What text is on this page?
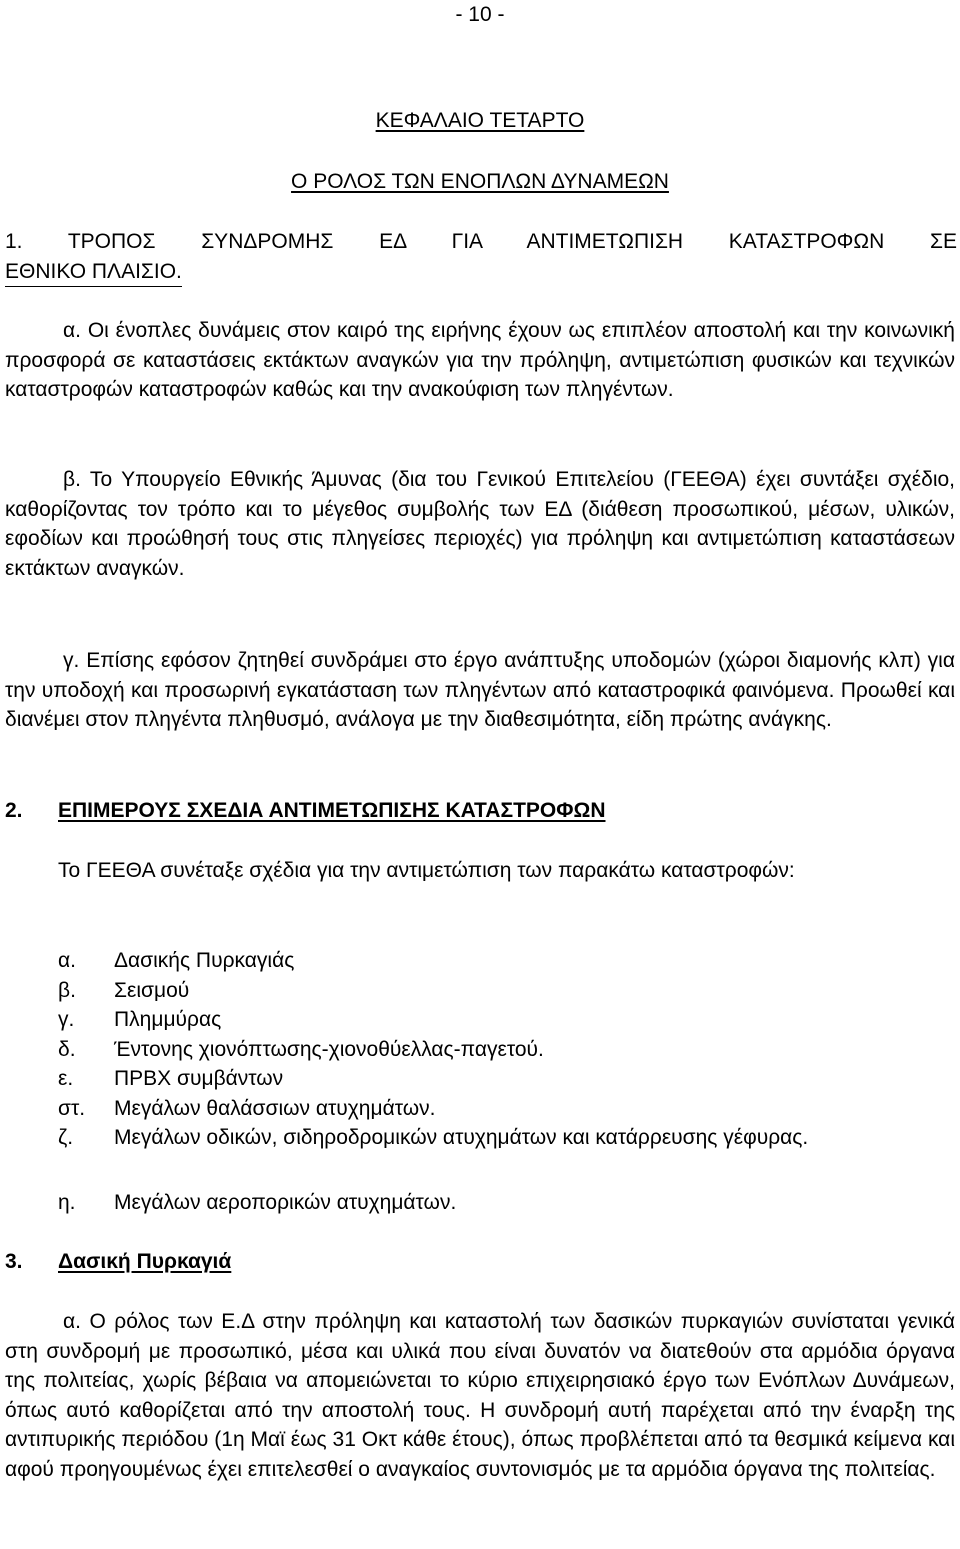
- 10 -
ΚΕΦΑΛΑΙΟ ΤΕΤΑΡΤΟ
Ο ΡΟΛΟΣ ΤΩΝ ΕΝΟΠΛΩΝ ΔΥΝΑΜΕΩΝ
1.  ΤΡΟΠΟΣ  ΣΥΝΔΡΟΜΗΣ  ΕΔ  ΓΙΑ  ΑΝΤΙΜΕΤΩΠΙΣΗ  ΚΑΤΑΣΤΡΟΦΩΝ  ΣΕ
ΕΘΝΙΚΟ ΠΛΑΙΣΙΟ.
α. Οι ένοπλες δυνάμεις στον καιρό της ειρήνης έχουν ως επιπλέον αποστολή και την κοινωνική προσφορά σε καταστάσεις εκτάκτων αναγκών για την πρόληψη, αντιμετώπιση φυσικών και τεχνικών καταστροφών καταστροφών καθώς και την ανακούφιση των πληγέντων.
β. Το Υπουργείο Εθνικής Άμυνας (δια του Γενικού Επιτελείου (ΓΕΕΘΑ) έχει συντάξει σχέδιο, καθορίζοντας τον τρόπο και το μέγεθος συμβολής των ΕΔ (διάθεση προσωπικού, μέσων, υλικών, εφοδίων και προώθησή τους στις πληγείσες περιοχές) για πρόληψη και αντιμετώπιση καταστάσεων εκτάκτων αναγκών.
γ. Επίσης εφόσον ζητηθεί συνδράμει στο έργο ανάπτυξης υποδομών (χώροι διαμονής κλπ) για την υποδοχή και προσωρινή εγκατάσταση των πληγέντων από καταστροφικά φαινόμενα. Προωθεί και διανέμει στον πληγέντα πληθυσμό, ανάλογα με την διαθεσιμότητα, είδη πρώτης ανάγκης.
2. ΕΠΙΜΕΡΟΥΣ ΣΧΕΔΙΑ ΑΝΤΙΜΕΤΩΠΙΣΗΣ ΚΑΤΑΣΤΡΟΦΩΝ
Το ΓΕΕΘΑ συνέταξε σχέδια για την αντιμετώπιση των παρακάτω καταστροφών:
α.	Δασικής Πυρκαγιάς
β.	Σεισμού
γ.	Πλημμύρας
δ.	Έντονης χιονόπτωσης-χιονοθύελλας-παγετού.
ε.	ΠΡΒΧ συμβάντων
στ.	Μεγάλων θαλάσσιων ατυχημάτων.
ζ. Μεγάλων οδικών, σιδηροδρομικών ατυχημάτων και κατάρρευσης γέφυρας.
η.	Μεγάλων αεροπορικών ατυχημάτων.
3. Δασική Πυρκαγιά
α. Ο ρόλος των Ε.Δ στην πρόληψη και καταστολή των δασικών πυρκαγιών συνίσταται γενικά στη συνδρομή με προσωπικό, μέσα και υλικά που είναι δυνατόν να διατεθούν στα αρμόδια όργανα της πολιτείας, χωρίς βέβαια να απομειώνεται το κύριο επιχειρησιακό έργο των Ενόπλων Δυνάμεων, όπως αυτό καθορίζεται από την αποστολή τους. Η συνδρομή αυτή παρέχεται από την έναρξη της αντιπυρικής περιόδου (1η Μαϊ έως 31 Οκτ κάθε έτους), όπως προβλέπεται από τα θεσμικά κείμενα και αφού προηγουμένως έχει επιτελεσθεί ο αναγκαίος συντονισμός με τα αρμόδια όργανα της πολιτείας.
